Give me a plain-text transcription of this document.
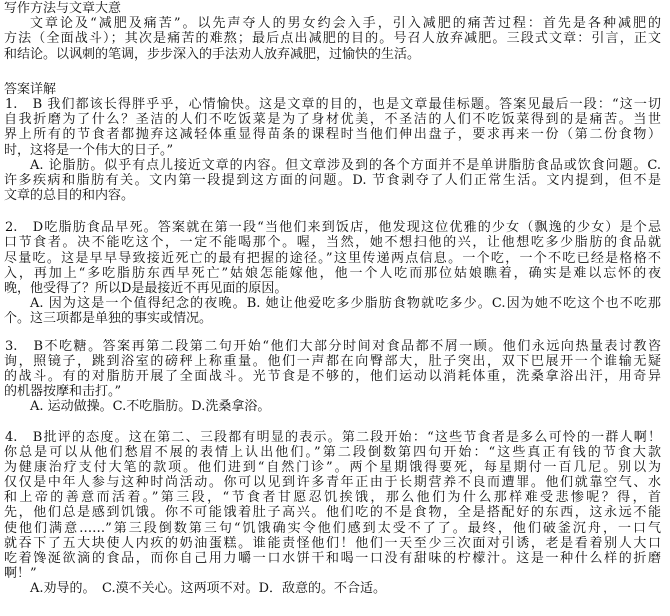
写作方法与文章大意
文章论及“减肥及痛苦”。以先声夺人的男女约会入手，引入减肥的痛苦过程：首先是各种减肥的
方法（全面战斗）；其次是痛苦的难熬；最后点出减肥的目的。号召人放弃减肥。三段式文章：引言，正文
和结论。以讽刺的笔调，步步深入的手法劝人放弃减肥，过愉快的生活。
答案详解
1.　B 我们都该长得胖乎乎，心情愉快。这是文章的目的，也是文章最佳标题。答案见最后一段：“这一切
自我折磨为了什么？圣洁的人们不吃饭菜是为了身材优美，不圣洁的人们不吃饭菜得到的是痛苦。当世
界上所有的节食者都抛弃这减轻体重显得苗条的课程时当他们伸出盘子，要求再来一份（第二份食物）
时，这将是一个伟大的日子。”
A. 论脂肪。似乎有点儿接近文章的内容。但文章涉及到的各个方面并不是单讲脂肪食品或饮食问题。C.
许多疾病和脂肪有关。文内第一段提到这方面的问题。D. 节食剥夺了人们正常生活。文内提到，但不是
文章的总目的和内容。
2.　D吃脂肪食品早死。答案就在第一段“当他们来到饭店，他发现这位优雅的少女（飘逸的少女）是个忌
口节食者。决不能吃这个，一定不能喝那个。喔，当然，她不想扫他的兴，让他想吃多少脂肪的食品就
尽量吃。这是早早导致接近死亡的最有把握的途径。”这里传递两点信息。一个吃，一个不吃已经是格格不
入，再加上“多吃脂肪东西早死亡”姑娘怎能嫁他，他一个人吃而那位姑娘瞧着，确实是难以忘怀的夜
晚，他受得了？所以D是最接近不再见面的原因。
A. 因为这是一个值得纪念的夜晚。B. 她让他爱吃多少脂肪食物就吃多少。C.因为她不吃这个也不吃那
个。这三项都是单独的事实或情况。
3.　B不吃糖。答案再第二段第二句开始“他们大部分时间对食品都不屑一顾。他们永远向热量表讨教咨
询，照镜子，跳到浴室的磅秤上称重量。他们一声都在向臀部大，肚子突出，双下巴展开一个谁输无疑
的战斗。有的对脂肪开展了全面战斗。光节食是不够的，他们运动以消耗体重，洗桑拿浴出汗，用奇异
的机器按摩和击打。”
A. 运动做操。C.不吃脂肪。D.洗桑拿浴。
4.　B批评的态度。这在第二、三段都有明显的表示。第二段开始：“这些节食者是多么可怜的一群人啊！
你总是可以从他们愁眉不展的表情上认出他们。”第二段倒数第四句开始：“这些真正有钱的节食大款
为健康治疗支付大笔的款项。他们进到“自然门诊”。两个星期饿得要死，每星期付一百几尼。别以为
仅仅是中年人参与这种时尚活动。你可以见到许多青年正由于长期营养不良而遭罪。他们就靠空气、水
和上帝的善意而活着。”第三段，“节食者甘愿忍饥挨饿，那么他们为什么那样难受悲惨呢？得，首
先，他们总是感到饥饿。你不可能饿着肚子高兴。他们吃的不是食物，全是搭配好的东西，这永远不能
使他们满意……”第三段倒数第三句“饥饿确实令他们感到太受不了了。最终，他们破釜沉舟，一口气
就吞下了五大块使人内疚的奶油蛋糕。谁能责怪他们！他们一天至少三次面对引诱，老是看着别人大口
吃着馋涎欲滴的食品，而你自己用力嚼一口水饼干和喝一口没有甜味的柠檬汁。这是一种什么样的折磨
啊！”
A.劝导的。　C.漠不关心。这两项不对。D．敌意的。不合适。
